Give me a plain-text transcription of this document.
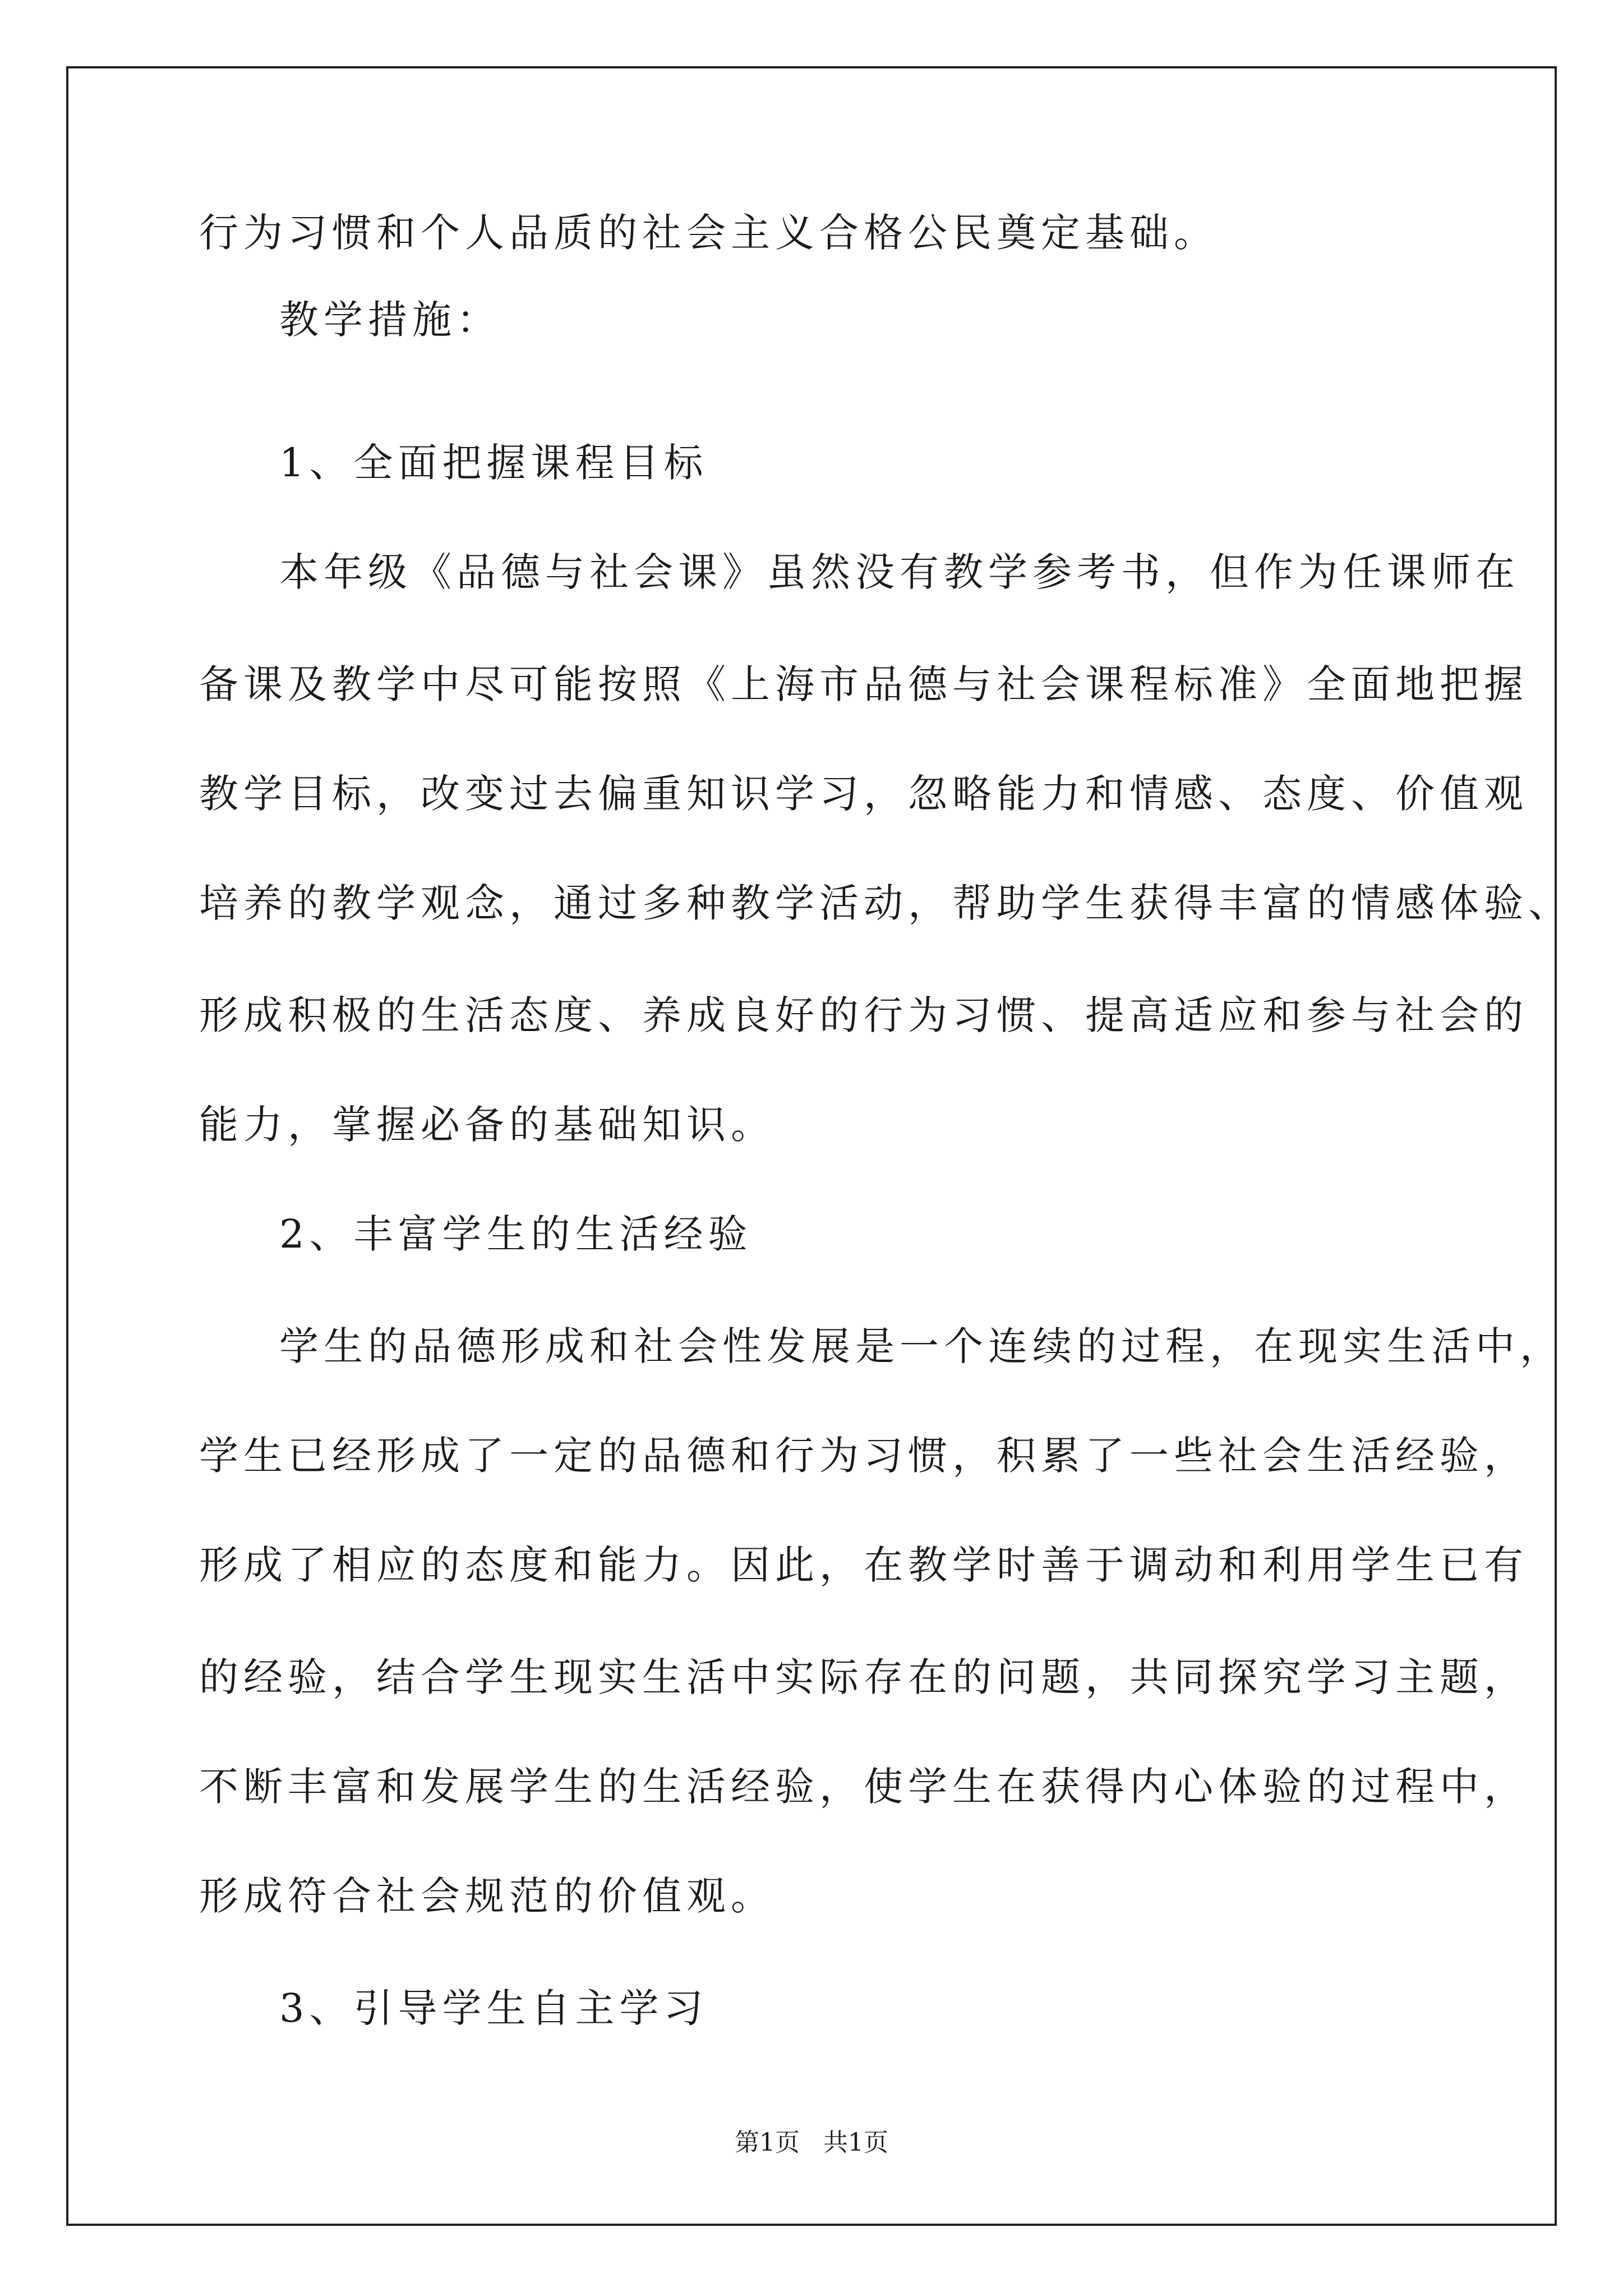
行为习惯和个人品质的社会主义合格公民奠定基础。
教学措施：
1、全面把握课程目标
本年级《品德与社会课》虽然没有教学参考书，但作为任课师在
备课及教学中尽可能按照《上海市品德与社会课程标准》全面地把握
教学目标，改变过去偏重知识学习，忽略能力和情感、态度、价值观
培养的教学观念，通过多种教学活动，帮助学生获得丰富的情感体验、
形成积极的生活态度、养成良好的行为习惯、提高适应和参与社会的
能力，掌握必备的基础知识。
2、丰富学生的生活经验
学生的品德形成和社会性发展是一个连续的过程，在现实生活中，
学生已经形成了一定的品德和行为习惯，积累了一些社会生活经验，
形成了相应的态度和能力。因此，在教学时善于调动和利用学生已有
的经验，结合学生现实生活中实际存在的问题，共同探究学习主题，
不断丰富和发展学生的生活经验，使学生在获得内心体验的过程中，
形成符合社会规范的价值观。
3、引导学生自主学习
第1页 共1页
